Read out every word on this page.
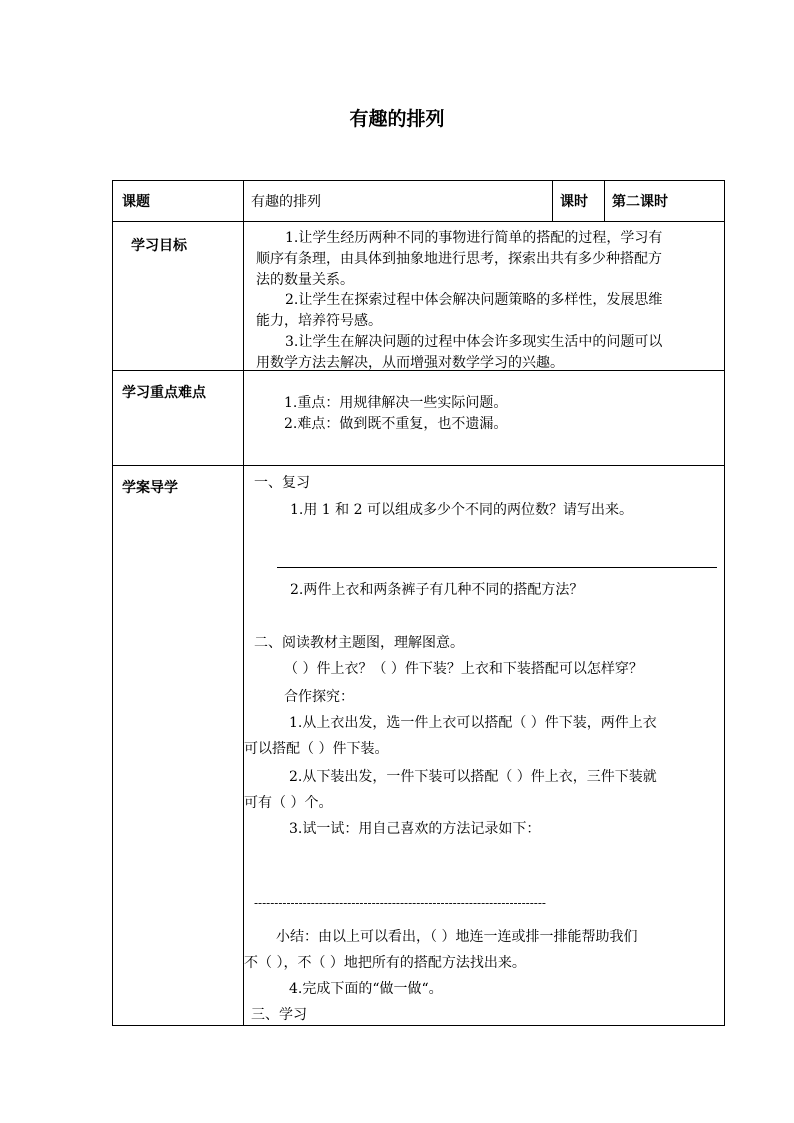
有趣的排列
课题	有趣的排列	课时 第二课时
学习目标	1.让学生经历两种不同的事物进行简单的搭配的过程，学习有
顺序有条理，由具体到抽象地进行思考，探索出共有多少种搭配方
法的数量关系。
2.让学生在探索过程中体会解决问题策略的多样性，发展思维
能力，培养符号感。
3.让学生在解决问题的过程中体会许多现实生活中的问题可以
用数学方法去解决，从而增强对数学学习的兴趣。
学习重点难点
1.重点：用规律解决一些实际问题。
2.难点：做到既不重复，也不遗漏。
学案导学	一、复习
1.用 1 和 2 可以组成多少个不同的两位数？请写出来。
2.两件上衣和两条裤子有几种不同的搭配方法？
二、阅读教材主题图，理解图意。
（ ）件上衣？（ ）件下装？上衣和下装搭配可以怎样穿？
合作探究：
1.从上衣出发，选一件上衣可以搭配（ ）件下装，两件上衣
可以搭配（ ）件下装。
2.从下装出发，一件下装可以搭配（ ）件上衣，三件下装就
可有（ ）个。
3.试一试：用自己喜欢的方法记录如下：
------------------------------------------------------------------------
小结：由以上可以看出，（ ）地连一连或排一排能帮助我们
不（ ），不（ ）地把所有的搭配方法找出来。
4.完成下面的“做一做“。
三、学习
